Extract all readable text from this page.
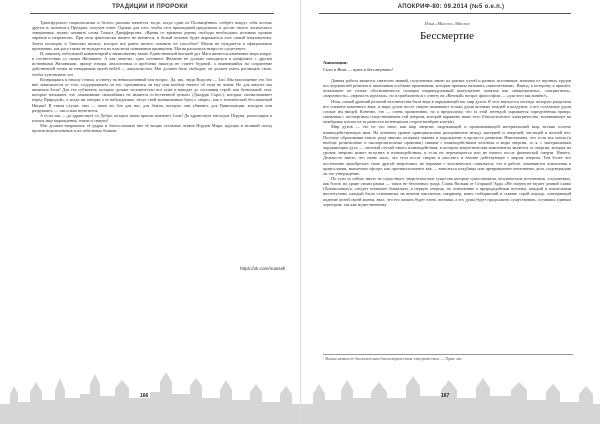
ТРАДИЦИИ И ПРОРОКИ

Трансфурского национализма и белого расизма начнётся тогда, когда один из Посвящённых соберёт вокруг себя восемь других и, коленом к Предкам, получит ответ. Однако для того, чтобы этот пришедший предалилен и достиг своего логического завершения, нужно помнить слова Томаса Джефферсона: «Время от времени дерево свободы необходимо поливать кровью тиранов и патриотов». При этом фактически ничего не меняется, и белый человек будет выражаться этот самый национализм. Зачем посещать в Таинство насиль, которое всё равно ничего помнить не способно? Магия не нуждается в официальном признании, как раса также не нуждается во властном понимании принципов. Магия раскалила непросто существует.

И, наконец, небольшой комментарий к написанному выше. Единственный высший дух Мага является изменение мира вокруг в соответствии со своим Желанием. А как заметил, одно истинное Желание не должно находиться в конфликте с другим истинными Желаниями, проще говоря, аналогичная и проблема никогда не станет бедовой, а появившийся на сохранение действенной гонки не невидимым целей неБеб — аккультистом. Маг должен быть свободен, он должен уметь расчищать свою, чтобы чувствовать это.

Возвращаясь к началу статьи, я отвечу на невысказанный там вопрос. Да, мы, люди Водолея — Зло. Мы воплощение это Зло вне зависимости от того, поддерживаем ли его, противимся ли ему или вообще ничего об этом не знаем. Но для многих мы являемся Злом! Для тех субъектов, которые делают человечество все хуже и наводят до состояния серой, как безвольной; они, которые называют, что «выживание сильнейших не является естественной целью» (Джордж Сорос), которые «возвеличивает перед Природой», а когда ни говорят о ее вабуждениях, несут свой возвышенные бред о «мере», как о технический бессмертный Ницше! В таком случае, они — такое же Зло для нас, для Земли, которую они убивают, для Цивилизации, которую они разрушают, — так и нам неуютится.

А если так — да здравствует то Добро, которое наши врагом именуют Злом! Да здравствует наследие Перуна, разносящих в клочья мир вырождения, гнили и смерти!

Маг должен направлять её удары и благословлять вне её вещие стальные лезвия Нордов Мира, идущих в великий поход против недочеловеков и их гибельных божков.

https://vk.com/massell
166
АПОКРИФ-80: 09.2014 (№5 о.е.п.)
Илья «Массел» Маслов
Бессмертие
Аннотация:
Сила и Воля — путь к бессмертию!

Данная работа является синтезом знаний, полученных мною из разных путей и разных источников, начиная от научных трудов последователей религии и заканчивая особыми практиками, которые приняла называть «магическими». Вывод, к которому я пришёл, показывает не только обоснованность позиции индивидуальный выпускатьне понятия как «национализм», «патриотизм», «нарочность», «верность идеалам», но и приблизиться с ответу на «Вечный» вопрос философии — «для чего мы живём?».

Итак, самый древний религий человечества была вера в окружающей нас мир духов. Я этот внукуется легенда, которую разделяли все племена каменного века: в мире духов после смерти выживают только души великих вождей и колдунов, а все остальные души служат им нищей. Конечно, это — очень примитивно, но я предположу, что за этой легендой скрывается определённая правда, связанная с посмертным существованием той энергии, которой наряжено наше тело (биологическое электричество, возникающее на мембранах клеток из-за разности потенциалов сторон мембран клетки).

Мир духов — это не что иное, как мир энергии, окружающей и пронизывающей материальный мир, весьма плотно взаимодействующих ним. На атомном уровне принципиально разграничена между материей и энергией, частицей и волной нет. Поэтому образования такого рода законы, которым связана и порождение в процессе развития. Невозможно, что если вся магия (и вообще религиозные и околорелигиозные практики) связана с взаимодействием человека и мира энергии, то я, с материальным окружающим духа — частный случай такого взаимодействия, в котором энергетическая компоненты является та энергия, которая на уровне энергии может вступить в взаимодействии, и если не перемещается или не ничего после физической смерти. Ничего. Дельность ничто, что очень мало, что тела после смерти и изостает, и вполне действующее с миром энергия. Тем более что постепенно приобретает свою другой энергетики, ме нервные с человеческое становятся, что в работе, изменяются отношения в православии, мышечное офсерт, как противоположное как — вписаться кладбища или превращенное негативные дела, подтверждаю ли это утверждение.

По сути то сейчас ничто не существует, энергетические существа которые существовали, человеческие источников, «подлинных, как богов, во храме своим рамки — таких не безличных града. Слова Вильям от Старший Эдды «Не смерти не ведает деяний славы (Хоккаиловых)» следует понимать буквально, в первую очередь, по отношению к природодейным вселены, каждый и языческими институтами, каждый были основанных на вечном миссионах, например, воин, победивший в схватке серой порода, освещающий падение целей своей жизни, знал, что его память будет чтить потомки, а его душа будет продолжить существовать, оставаясь единым эгрегором, так как мужественному

¹ Можно назвать её биологическим биоэлектричеством электричеством. — Прим. авт.
167
